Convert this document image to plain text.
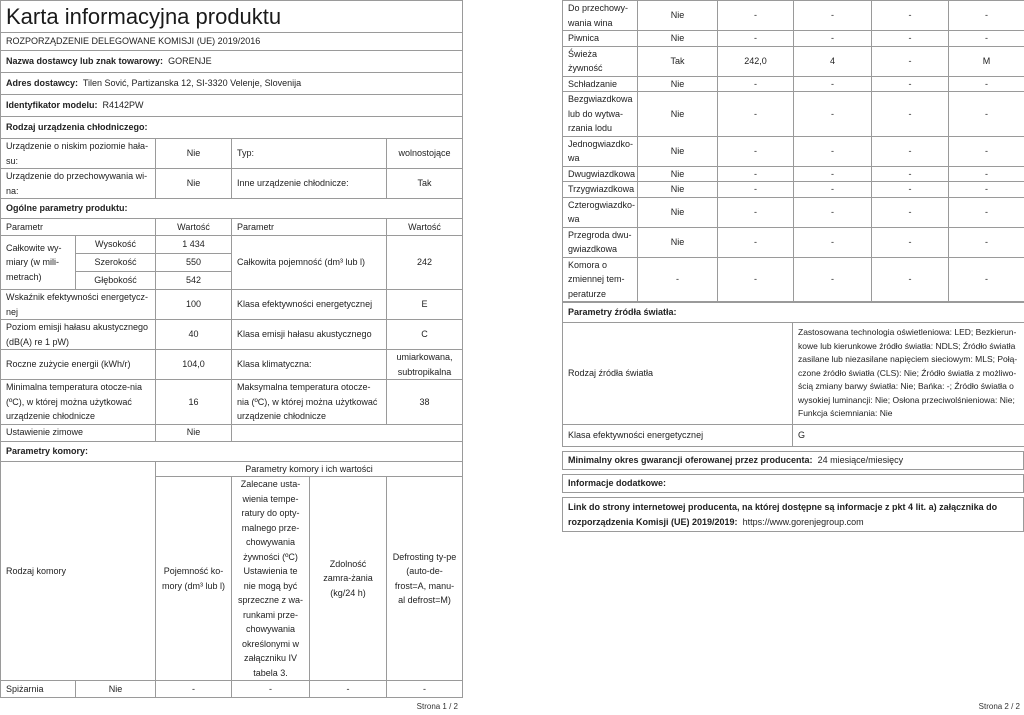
Karta informacyjna produktu					
ROZPORZĄDZENIE DELEGOWANE KOMISJI (UE) 2019/2016					
Nazwa dostawcy lub znak towarowy: GORENJE					
Adres dostawcy: Tilen Sović, Partizanska 12, SI-3320 Velenje, Slovenija					
Identyfikator modelu: R4142PW					
Rodzaj urządzenia chłodniczego:					
Urządzenie o niskim poziomie hała-su:		Nie	Typ:		wolnostojące
Urządzenie do przechowywania wi-na:		Nie	Inne urządzenie chłodnicze:		Tak
Ogólne parametry produktu:					
Parametr		Wartość	Parametr		Wartość
Całkowite wy-miary (w mili-metrach)	Wysokość	1 434	Całkowita pojemność (dm³ lub l)		242
	Szerokość	550			
	Głębokość	542			
Wskaźnik efektywności energetycz-nej		100	Klasa efektywności energetycznej		E
Poziom emisji hałasu akustycznego (dB(A) re 1 pW)		40	Klasa emisji hałasu akustycznego		C
Roczne zużycie energii (kWh/r)		104,0	Klasa klimatyczna:		umiarkowana, subtropikalna
Minimalna temperatura otocze-nia (ºC), w której można użytkować urządzenie chłodnicze		16	Maksymalna temperatura otocze-nia (ºC), w której można użytkować urządzenie chłodnicze		38
Ustawienie zimowe		Nie			
Parametry komory:					
Rodzaj komory		Parametry komory i ich wartości			
		Pojemność ko-mory (dm³ lub l)	Zalecane usta-wienia tempe-ratury do opty-malnego prze-chowywania żywności (ºC) Ustawienia te nie mogą być sprzeczne z wa-runkami prze-chowywania określonymi w załączniku IV tabela 3.	Zdolność zamra-żania (kg/24 h)	Defrosting ty-pe (auto-de-frost=A, manu-al defrost=M)
Spiżarnia	Nie	-	-	-	-
Strona 1 / 2
Do przechowy-wania wina	Nie	-	-	-	-
Piwnica	Nie	-	-	-	-
Świeża żywność	Tak	242,0	4	-	M
Schładzanie	Nie	-	-	-	-
Bezgwiazdkowa lub do wytwa-rzania lodu	Nie	-	-	-	-
Jednogwiazdko-wa	Nie	-	-	-	-
Dwugwiazdkowa	Nie	-	-	-	-
Trzygwiazdkowa	Nie	-	-	-	-
Czterogwiazdko-wa	Nie	-	-	-	-
Przegroda dwu-gwiazdkowa	Nie	-	-	-	-
Komora o zmiennej tem-peraturze	-	-	-	-	-
Parametry źródła światła:	
Rodzaj źródła światła	Zastosowana technologia oświetleniowa: LED; Bezkierun-kowe lub kierunkowe źródło światła: NDLS; Źródło światła zasilane lub niezasilane napięciem sieciowym: MLS; Połą-czone źródło światła (CLS): Nie; Źródło światła z możliwo-ścią zmiany barwy światła: Nie; Bańka: -; Źródło światła o wysokiej luminancji: Nie; Osłona przeciwolśnieniowa: Nie; Funkcja ściemniania: Nie
Klasa efektywności energetycznej	G
Minimalny okres gwarancji oferowanej przez producenta: 24 miesiące/miesięcy
Informacje dodatkowe:
Link do strony internetowej producenta, na której dostępne są informacje z pkt 4 lit. a) załącznika do rozporządzenia Komisji (UE) 2019/2019: https://www.gorenjegroup.com
Strona 2 / 2
